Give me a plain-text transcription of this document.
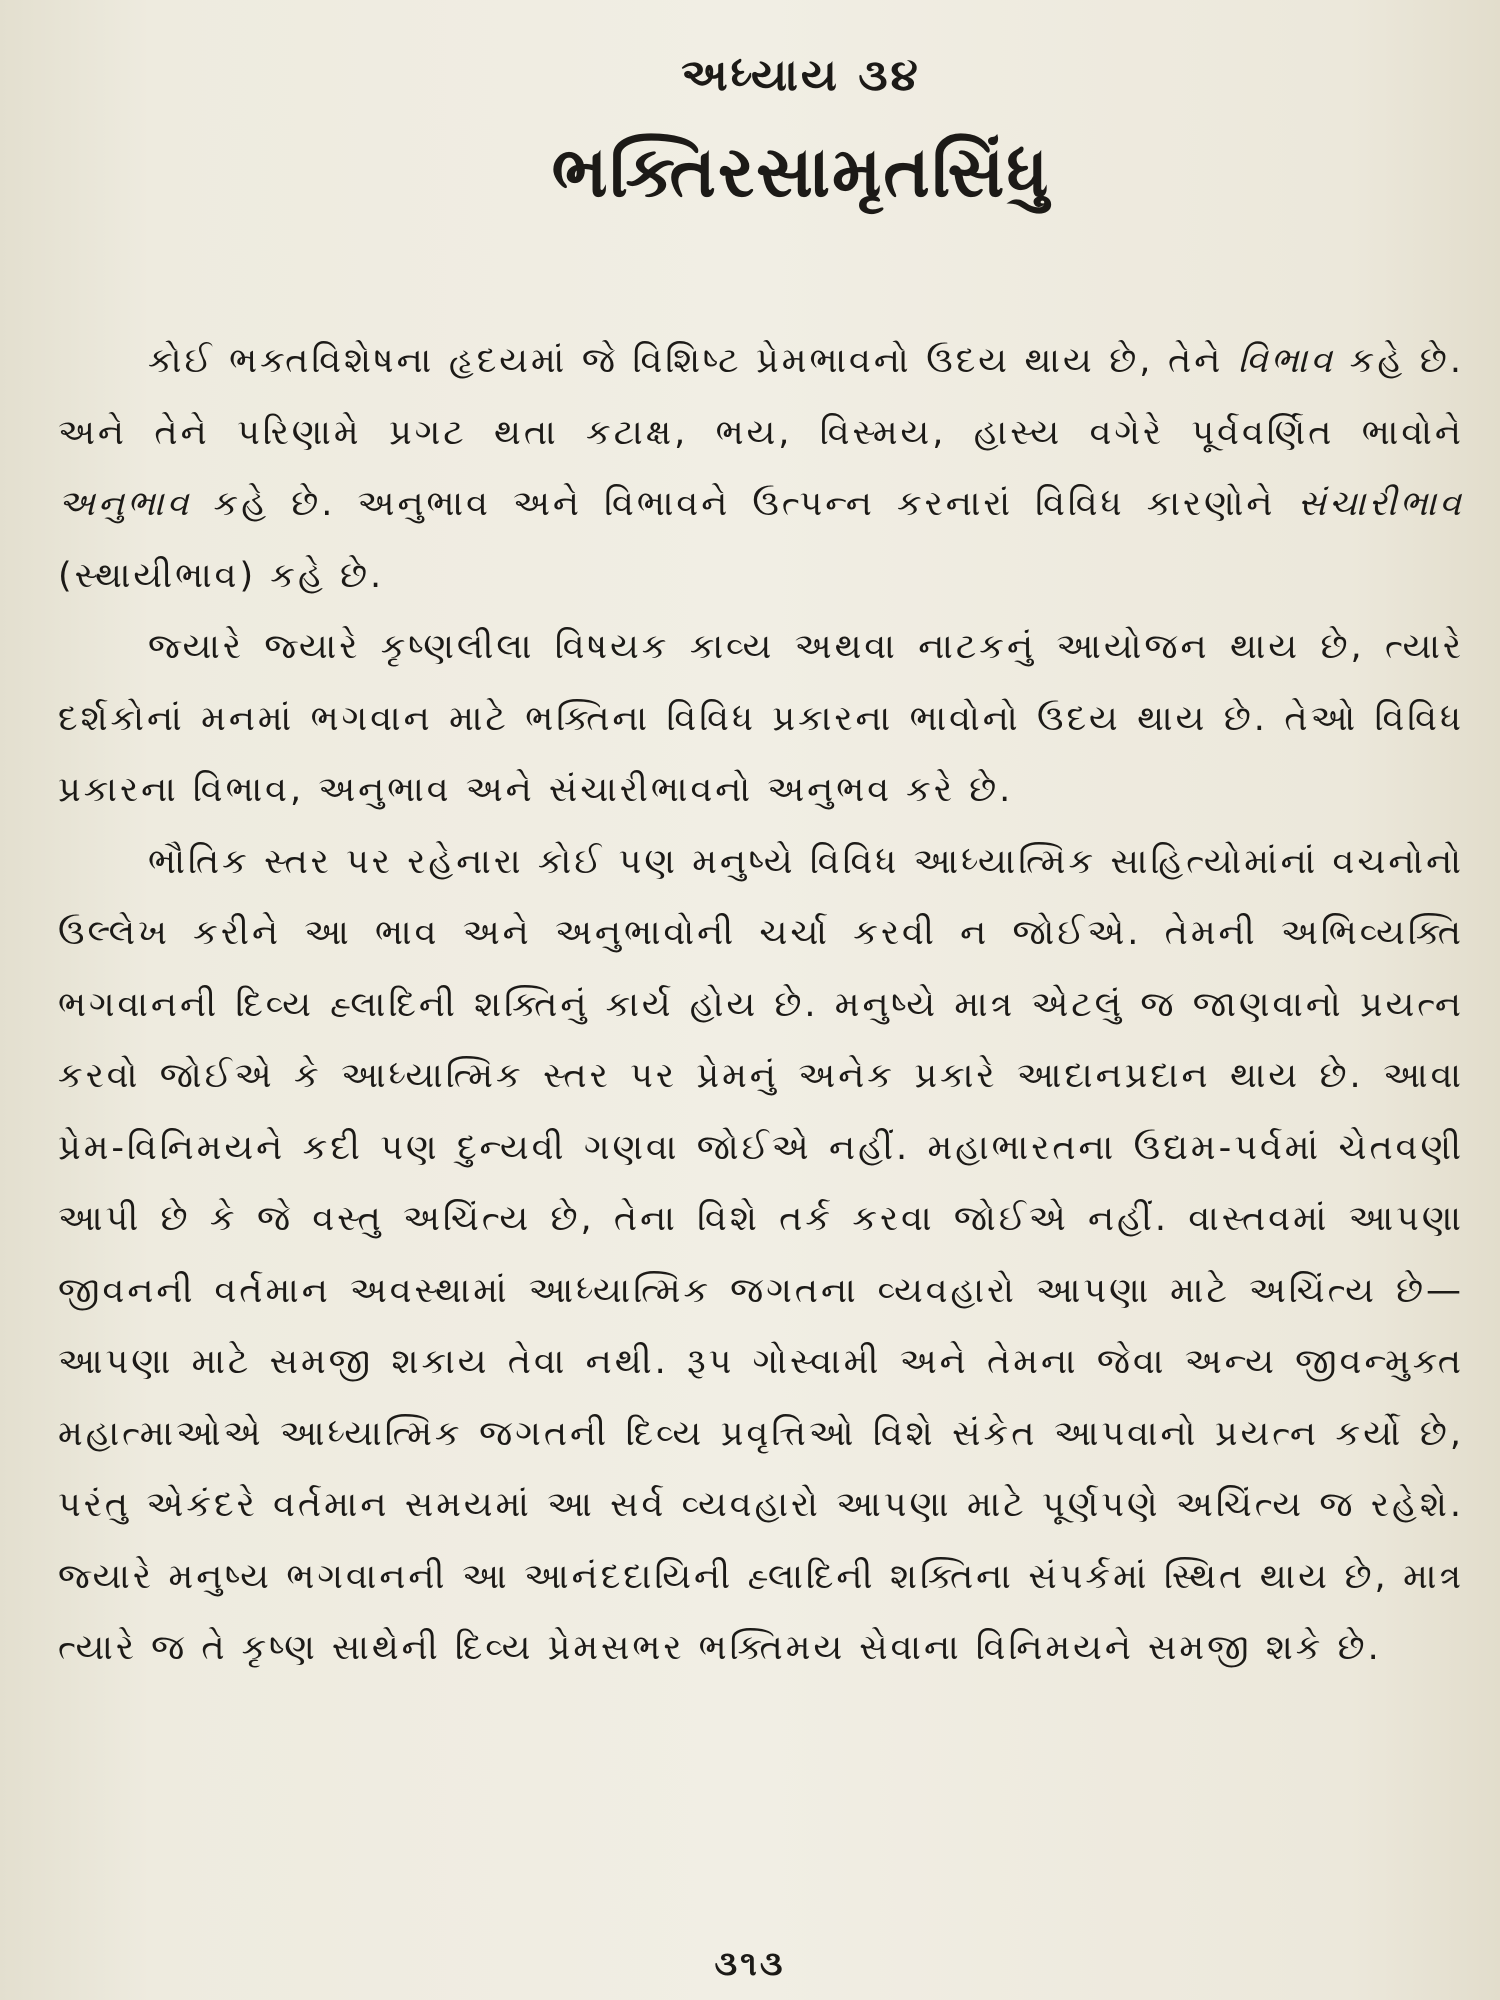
અધ્યાય ૩૪
ભક્તિરસામૃતસિંધુ

કોઈ ભક્તવિશેષના હૃદયમાં જે વિશિષ્ટ પ્રેમભાવનો ઉદય થાય છે, તેને વિભાવ કહે છે. અને તેને પરિણામે પ્રગટ થતા કટાક્ષ, ભય, વિસ્મય, હાસ્ય વગેરે પૂર્વવર્ણિત ભાવોને અનુભાવ કહે છે. અનુભાવ અને વિભાવને ઉત્પન્ન કરનારાં વિવિધ કારણોને સંચારીભાવ (સ્થાયીભાવ) કહે છે.

જ્યારે જ્યારે કૃષ્ણલીલા વિષયક કાવ્ય અથવા નાટકનું આયોજન થાય છે, ત્યારે દર્શકોનાં મનમાં ભગવાન માટે ભક્તિના વિવિધ પ્રકારના ભાવોનો ઉદય થાય છે. તેઓ વિવિધ પ્રકારના વિભાવ, અનુભાવ અને સંચારીભાવનો અનુભવ કરે છે.

ભૌતિક સ્તર પર રહેનારા કોઈ પણ મનુષ્યે વિવિધ આધ્યાત્મિક સાહિત્યોમાંનાં વચનોનો ઉલ્લેખ કરીને આ ભાવ અને અનુભાવોની ચર્ચા કરવી ન જોઈએ. તેમની અભિવ્યક્તિ ભગવાનની દિવ્ય હ્લાદિની શક્તિનું કાર્ય હોય છે. મનુષ્યે માત્ર એટલું જ જાણવાનો પ્રયત્ન કરવો જોઈએ કે આધ્યાત્મિક સ્તર પર પ્રેમનું અનેક પ્રકારે આદાનપ્રદાન થાય છે. આવા પ્રેમ-વિનિમયને કદી પણ દુન્યવી ગણવા જોઈએ નહીં. મહાભારતના ઉદ્યમ-પર્વમાં ચેતવણી આપી છે કે જે વસ્તુ અચિંત્ય છે, તેના વિશે તર્ક કરવા જોઈએ નહીં. વાસ્તવમાં આપણા જીવનની વર્તમાન અવસ્થામાં આધ્યાત્મિક જગતના વ્યવહારો આપણા માટે અચિંત્ય છે—આપણા માટે સમજી શકાય તેવા નથી. રૂપ ગોસ્વામી અને તેમના જેવા અન્ય જીવન્મુક્ત મહાત્માઓએ આધ્યાત્મિક જગતની દિવ્ય પ્રવૃત્તિઓ વિશે સંકેત આપવાનો પ્રયત્ન કર્યો છે, પરંતુ એકંદરે વર્તમાન સમયમાં આ સર્વ વ્યવહારો આપણા માટે પૂર્ણપણે અચિંત્ય જ રહેશે. જ્યારે મનુષ્ય ભગવાનની આ આનંદદાયિની હ્લાદિની શક્તિના સંપર્કમાં સ્થિત થાય છે, માત્ર ત્યારે જ તે કૃષ્ણ સાથેની દિવ્ય પ્રેમસભર ભક્તિમય સેવાના વિનિમયને સમજી શકે છે.

૩૧૩
